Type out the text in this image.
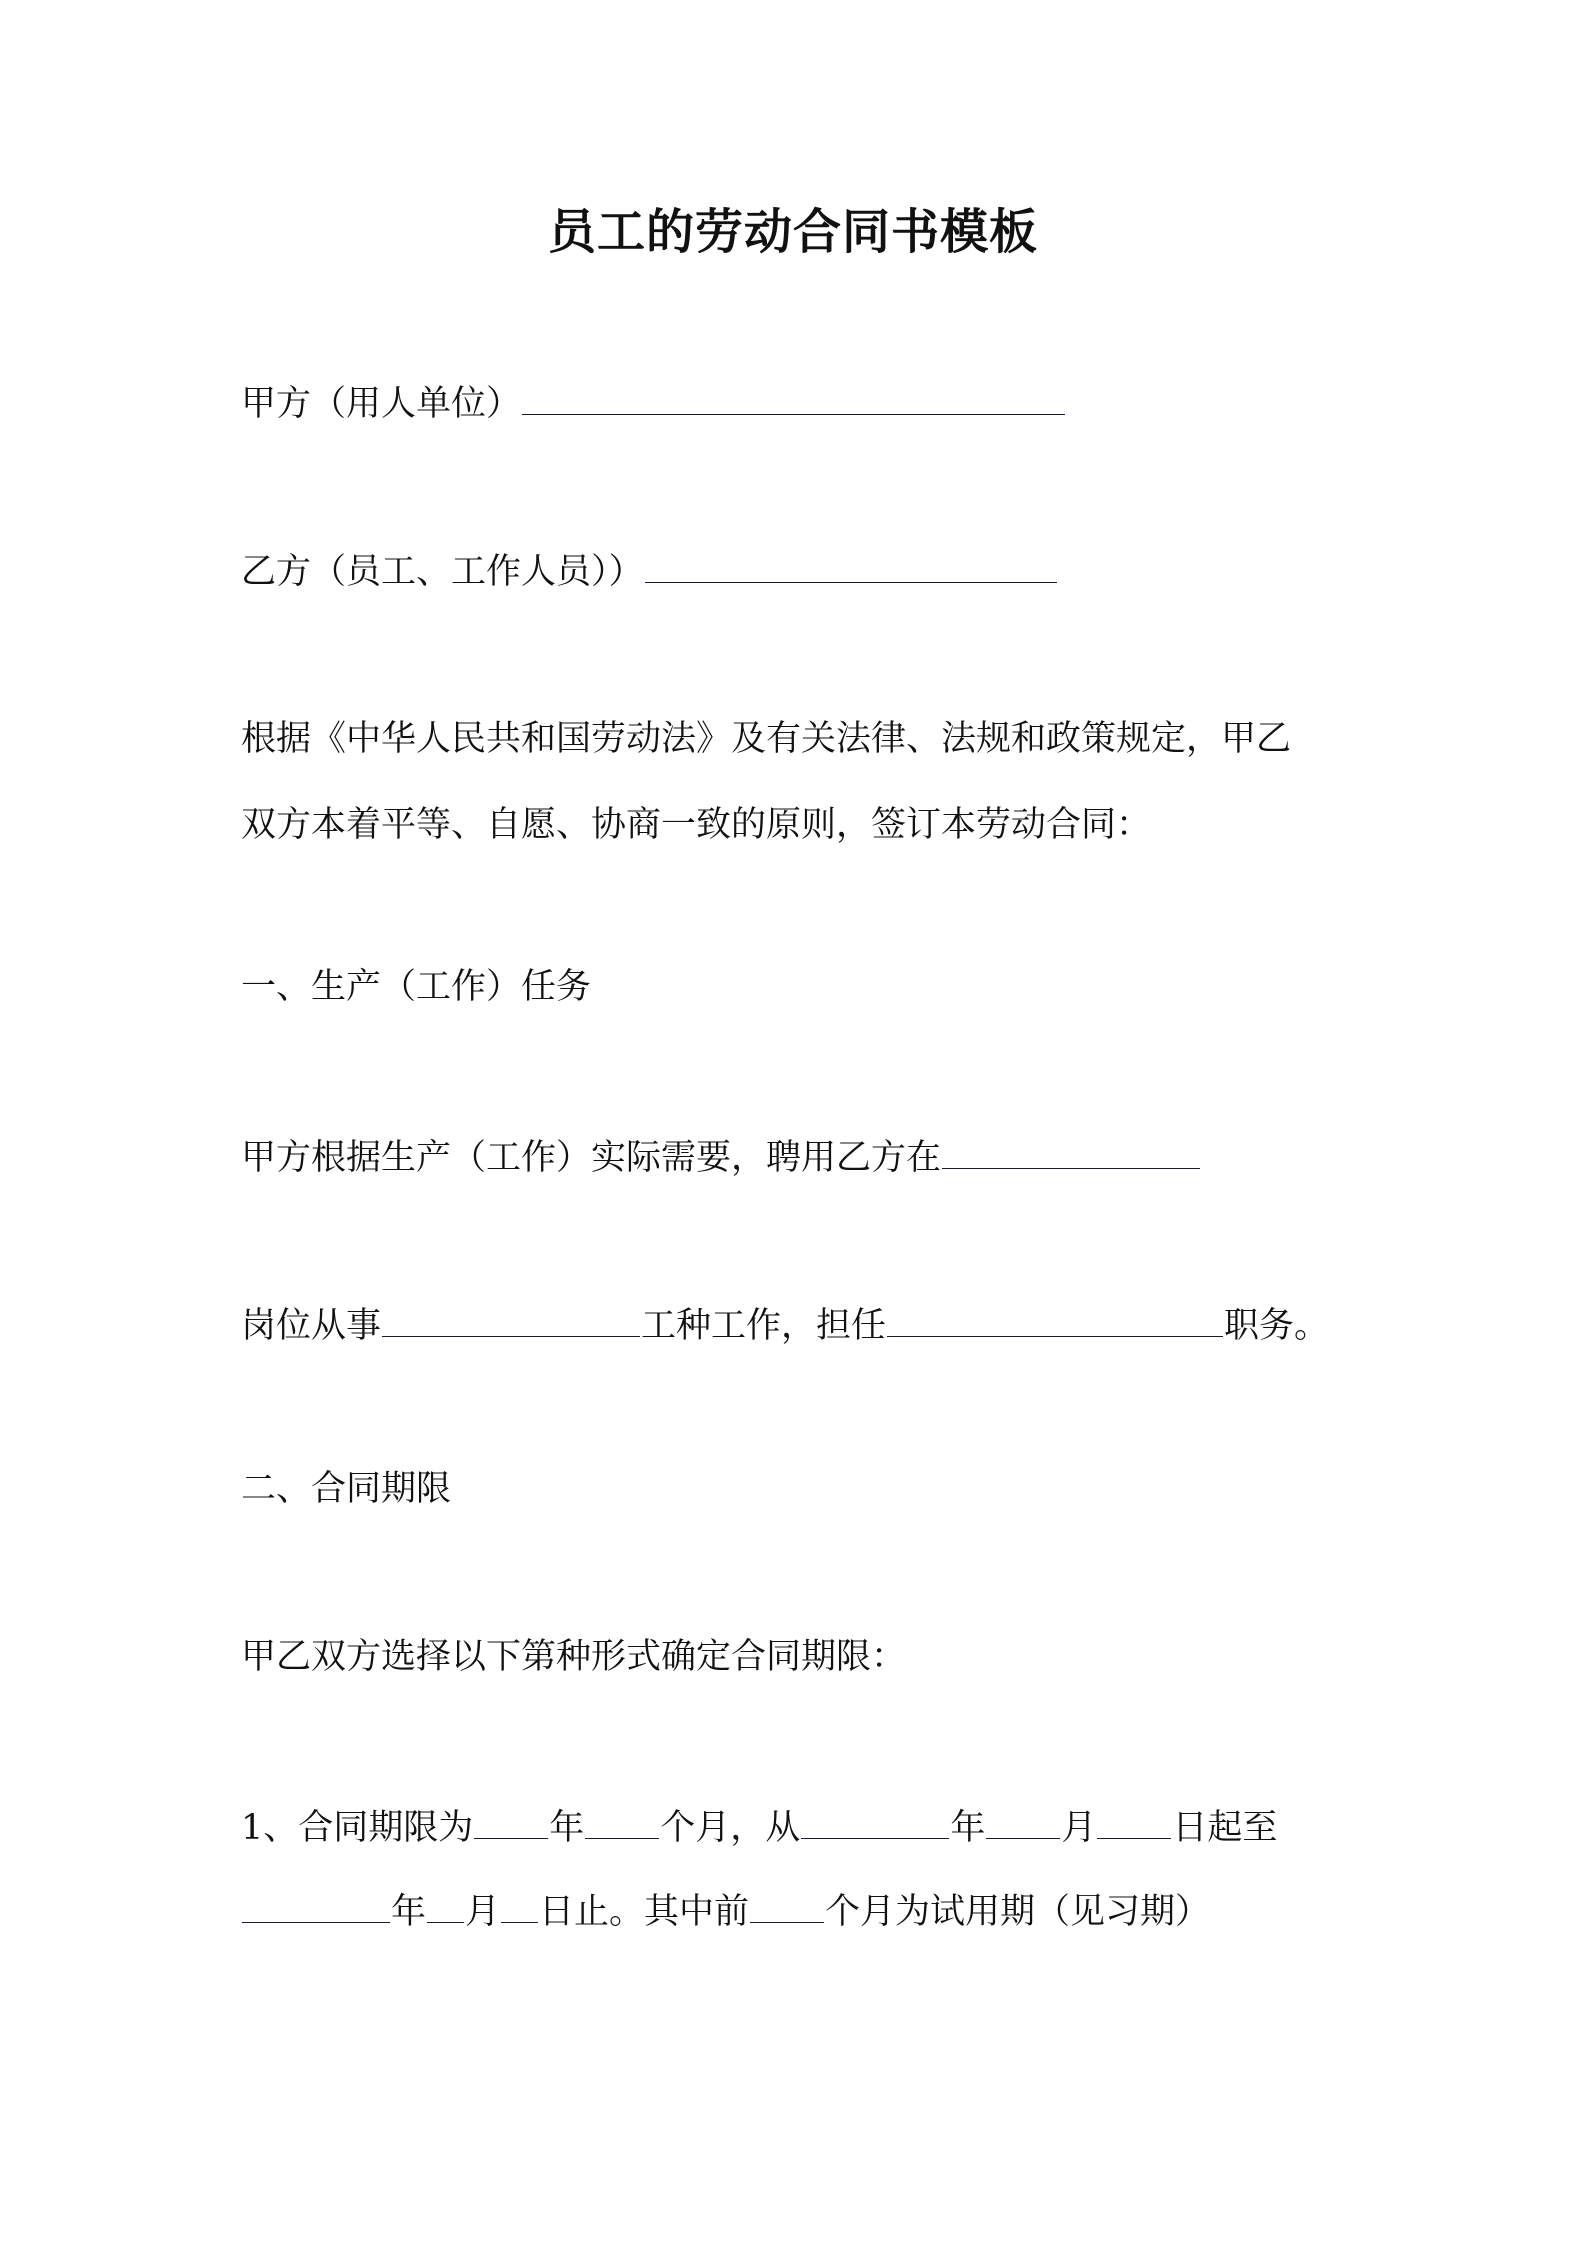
员工的劳动合同书模板
甲方（用人单位）
乙方（员工、工作人员））
根据《中华人民共和国劳动法》及有关法律、法规和政策规定，甲乙
双方本着平等、自愿、协商一致的原则，签订本劳动合同：
一、生产（工作）任务
甲方根据生产（工作）实际需要，聘用乙方在
岗位从事	工种工作，担任	职务。
二、合同期限
甲乙双方选择以下第种形式确定合同期限：
1、合同期限为 年 个月，从	年 月 日起至
年 月 日止。其中前 个月为试用期（见习期）
